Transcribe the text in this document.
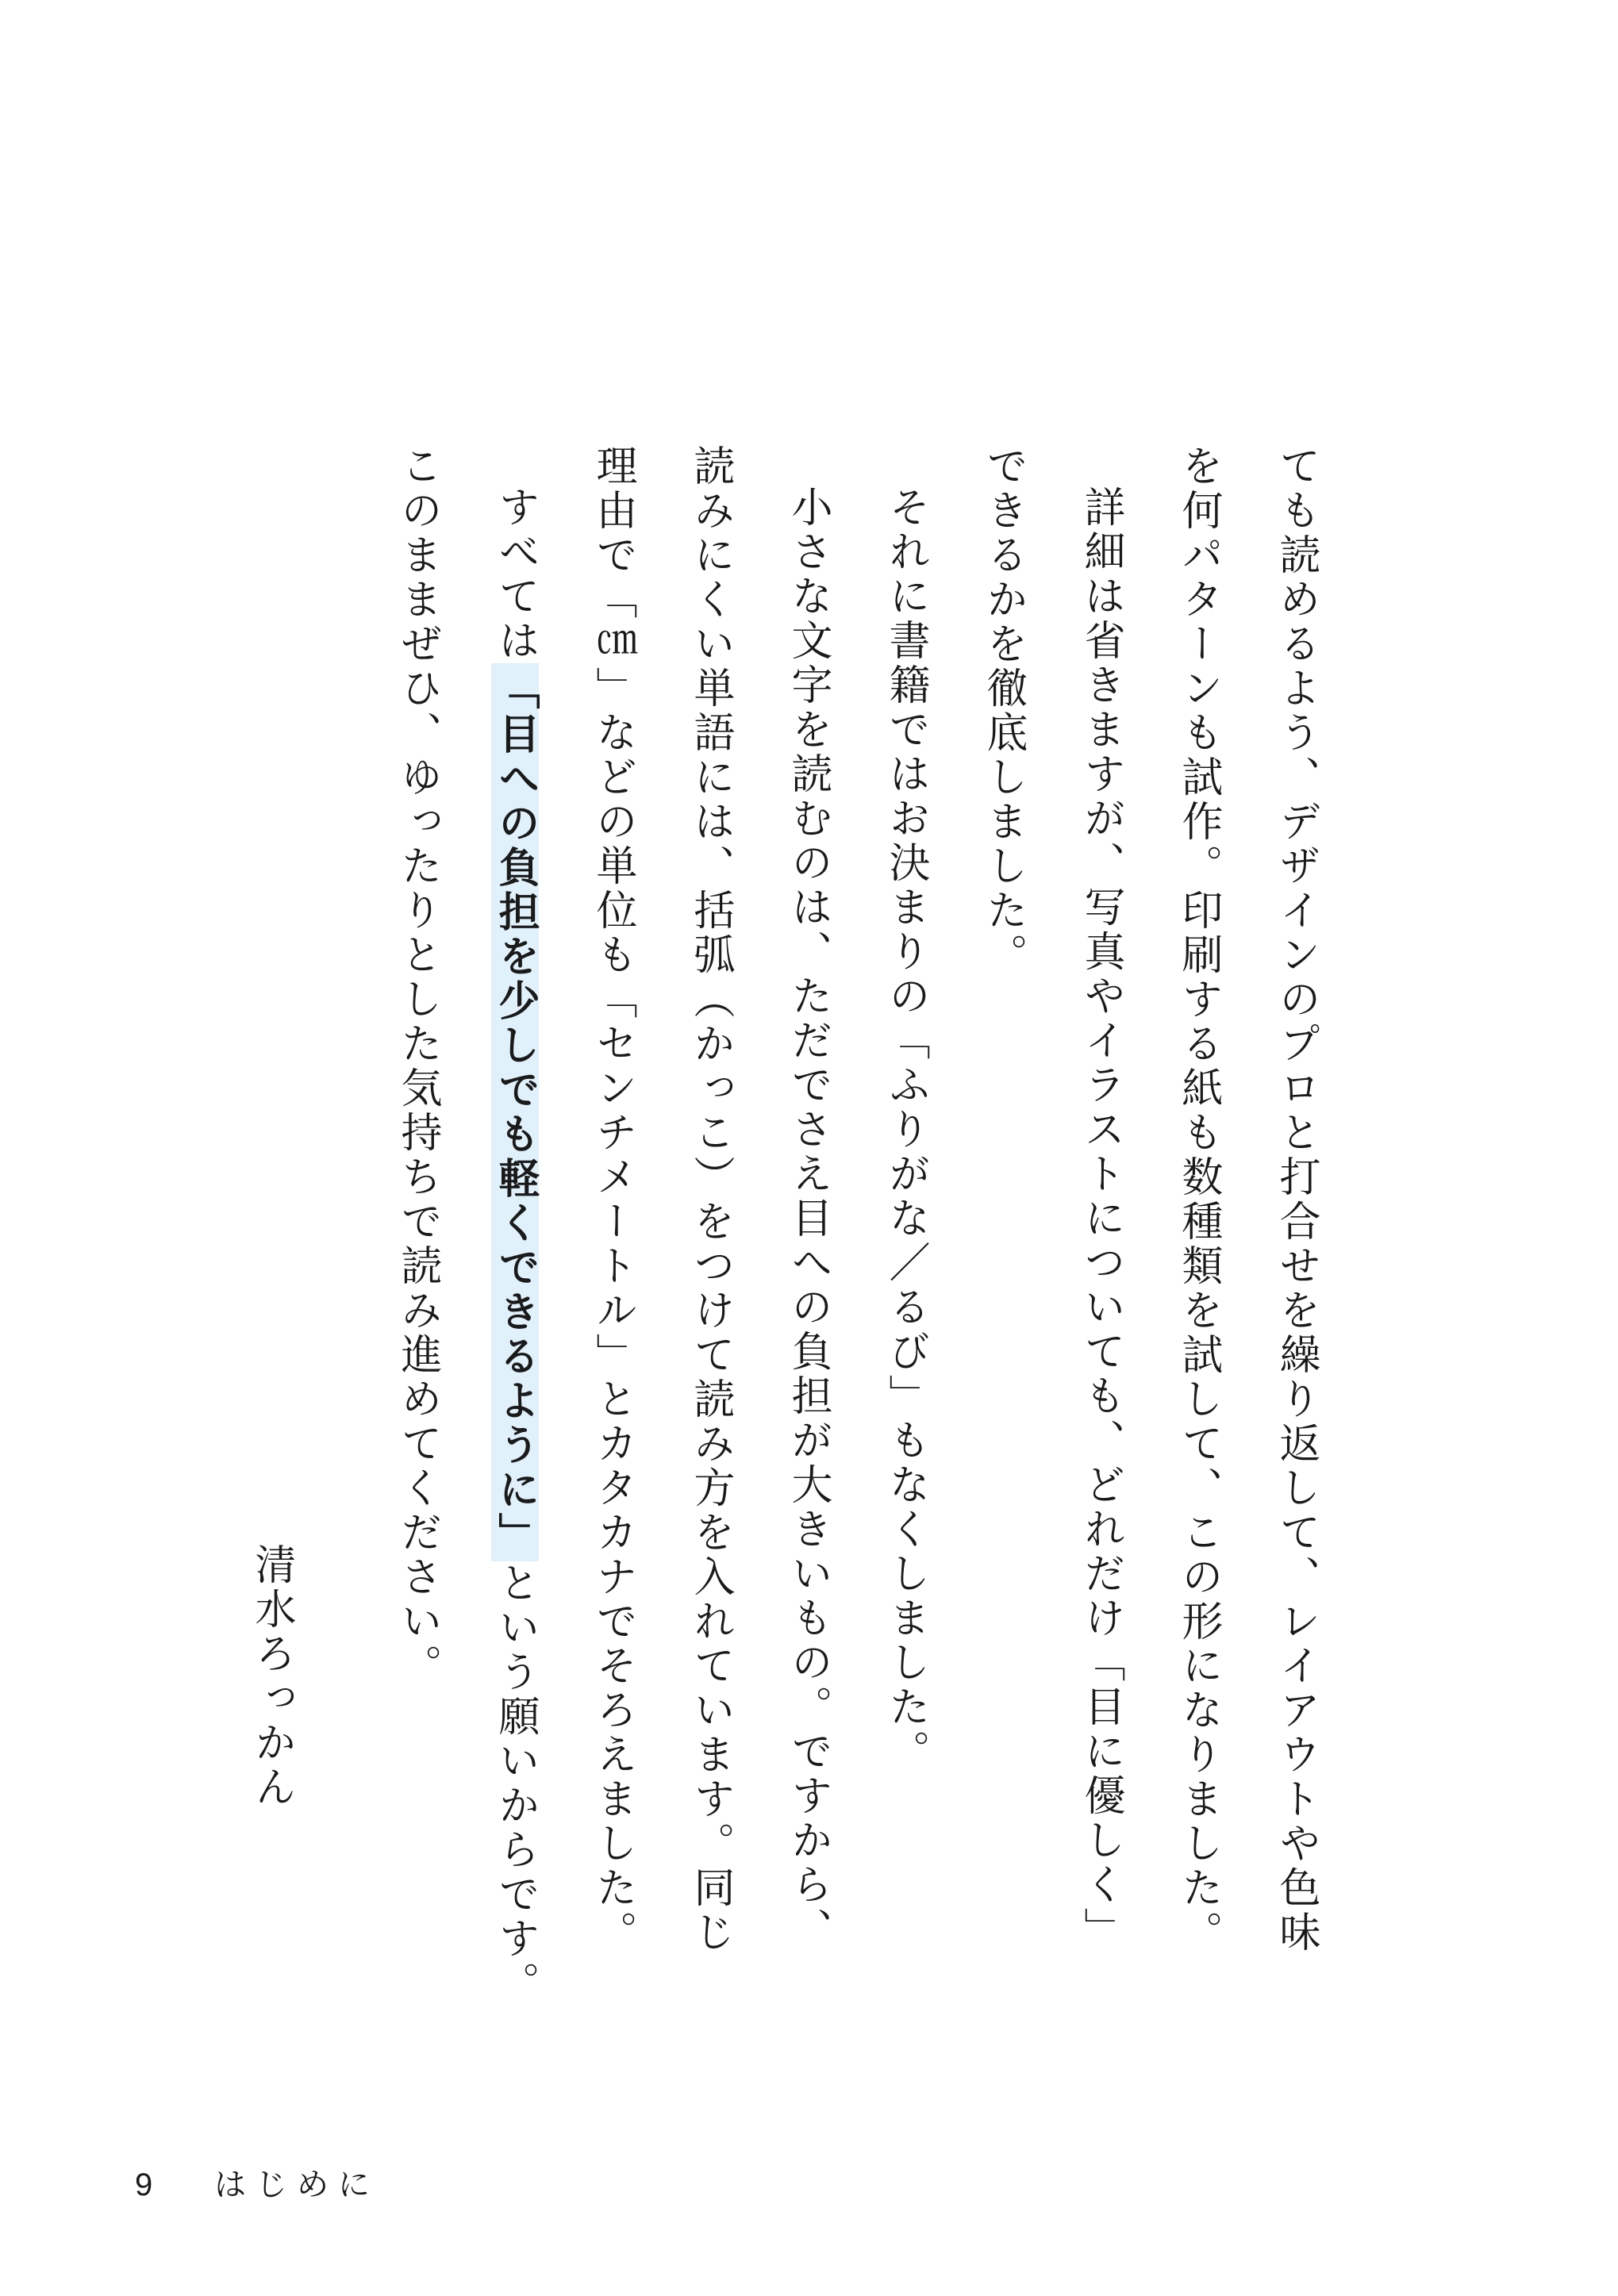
ても読めるよう、デザインのプロと打合せを繰り返して、レイアウトや色味
を何パターンも試作。印刷する紙も数種類を試して、この形になりました。
詳細は省きますが、写真やイラストについても、どれだけ「目に優しく」
できるかを徹底しました。
それに書籍ではお決まりの「ふりがな／るび」もなくしました。
小さな文字を読むのは、ただでさえ目への負担が大きいもの。ですから、
読みにくい単語には、括弧（かっこ）をつけて読み方を入れています。同じ
理由で「㎝」などの単位も「センチメートル」とカタカナでそろえました。
すべては「目への負担を少しでも軽くできるように」という願いからです。
このままぜひ、ゆったりとした気持ちで読み進めてください。
清水ろっかん
9 はじめに
